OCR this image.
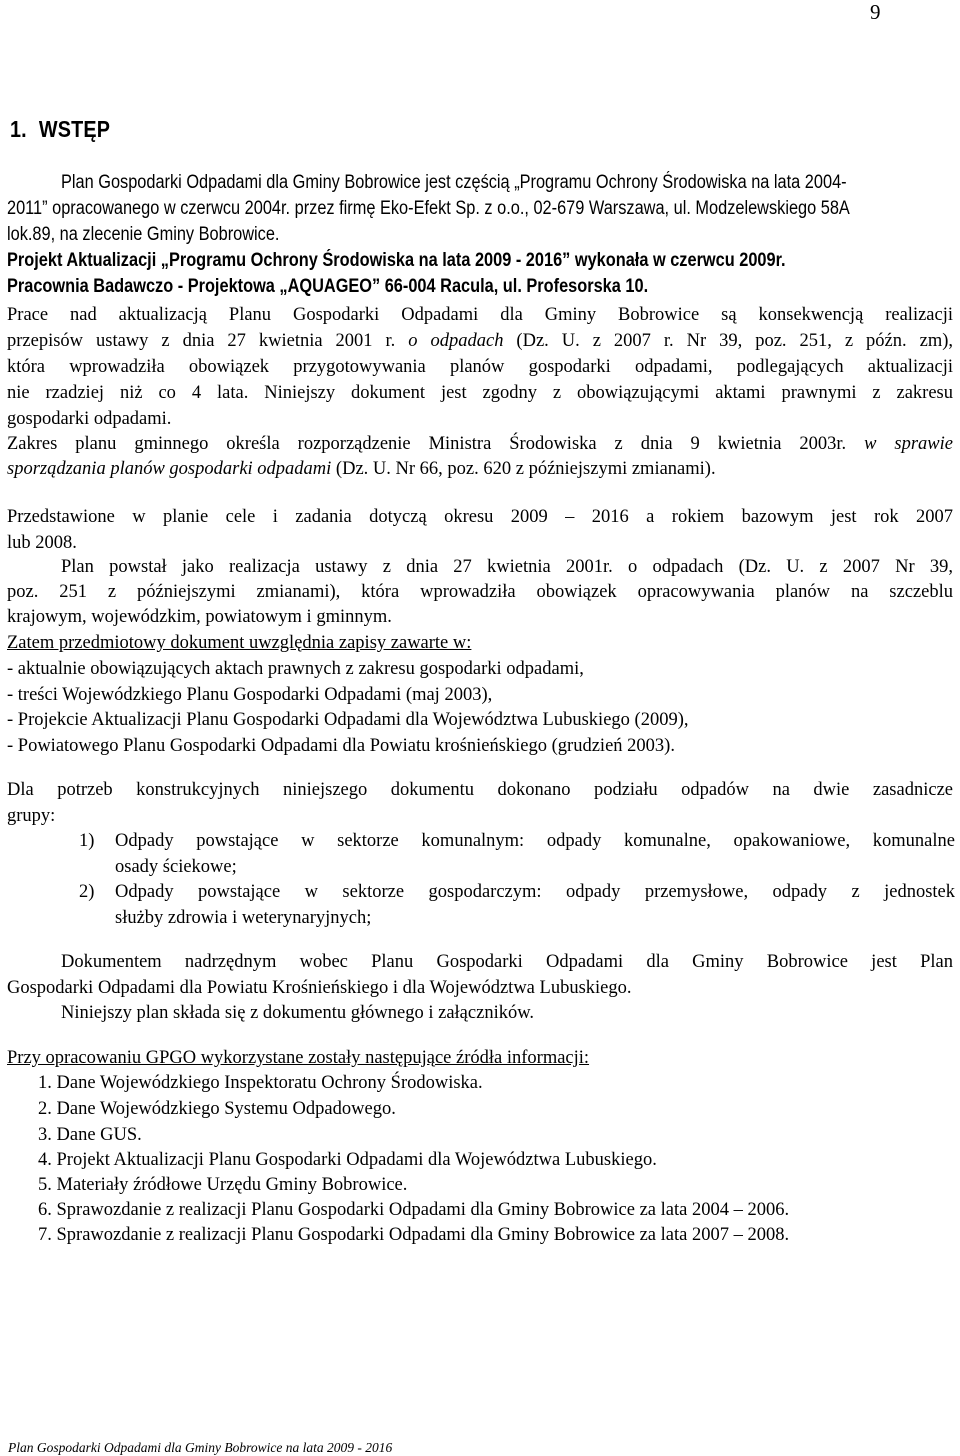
9
1. WSTĘP
Plan Gospodarki Odpadami dla Gminy Bobrowice jest częścią „Programu Ochrony Środowiska na lata 2004-
2011” opracowanego w czerwcu 2004r. przez firmę Eko-Efekt Sp. z o.o., 02-679 Warszawa, ul. Modzelewskiego 58A
lok.89, na zlecenie Gminy Bobrowice.
Projekt Aktualizacji „Programu Ochrony Środowiska na lata 2009 - 2016” wykonała w czerwcu 2009r.
Pracownia Badawczo - Projektowa „AQUAGEO” 66-004 Racula, ul. Profesorska 10.
Prace nad aktualizacją Planu Gospodarki Odpadami dla Gminy Bobrowice są konsekwencją realizacji
przepisów ustawy z dnia 27 kwietnia 2001 r. o odpadach (Dz. U. z 2007 r. Nr 39, poz. 251, z późn. zm),
która wprowadziła obowiązek przygotowywania planów gospodarki odpadami, podlegających aktualizacji
nie rzadziej niż co 4 lata. Niniejszy dokument jest zgodny z obowiązującymi aktami prawnymi z zakresu
gospodarki odpadami.
Zakres planu gminnego określa rozporządzenie Ministra Środowiska z dnia 9 kwietnia 2003r. w sprawie
sporządzania planów gospodarki odpadami (Dz. U. Nr 66, poz. 620 z późniejszymi zmianami).
Przedstawione w planie cele i zadania dotyczą okresu 2009 – 2016 a rokiem bazowym jest rok 2007
lub 2008.
Plan powstał jako realizacja ustawy z dnia 27 kwietnia 2001r. o odpadach (Dz. U. z 2007 Nr 39,
poz. 251 z późniejszymi zmianami), która wprowadziła obowiązek opracowywania planów na szczeblu
krajowym, wojewódzkim, powiatowym i gminnym.
Zatem przedmiotowy dokument uwzględnia zapisy zawarte w:
- aktualnie obowiązujących aktach prawnych z zakresu gospodarki odpadami,
- treści Wojewódzkiego Planu Gospodarki Odpadami (maj 2003),
- Projekcie Aktualizacji Planu Gospodarki Odpadami dla Województwa Lubuskiego (2009),
- Powiatowego Planu Gospodarki Odpadami dla Powiatu krośnieńskiego (grudzień 2003).
Dla potrzeb konstrukcyjnych niniejszego dokumentu dokonano podziału odpadów na dwie zasadnicze
grupy:
1) Odpady powstające w sektorze komunalnym: odpady komunalne, opakowaniowe, komunalne
osady ściekowe;
2) Odpady powstające w sektorze gospodarczym: odpady przemysłowe, odpady z jednostek
służby zdrowia i weterynaryjnych;
Dokumentem nadrzędnym wobec Planu Gospodarki Odpadami dla Gminy Bobrowice jest Plan
Gospodarki Odpadami dla Powiatu Krośnieńskiego i dla Województwa Lubuskiego.
Niniejszy plan składa się z dokumentu głównego i załączników.
Przy opracowaniu GPGO wykorzystane zostały następujące źródła informacji:
1. Dane Wojewódzkiego Inspektoratu Ochrony Środowiska.
2. Dane Wojewódzkiego Systemu Odpadowego.
3. Dane GUS.
4. Projekt Aktualizacji Planu Gospodarki Odpadami dla Województwa Lubuskiego.
5. Materiały źródłowe Urzędu Gminy Bobrowice.
6. Sprawozdanie z realizacji Planu Gospodarki Odpadami dla Gminy Bobrowice za lata 2004 – 2006.
7. Sprawozdanie z realizacji Planu Gospodarki Odpadami dla Gminy Bobrowice za lata 2007 – 2008.
Plan Gospodarki Odpadami dla Gminy Bobrowice na lata 2009 - 2016
